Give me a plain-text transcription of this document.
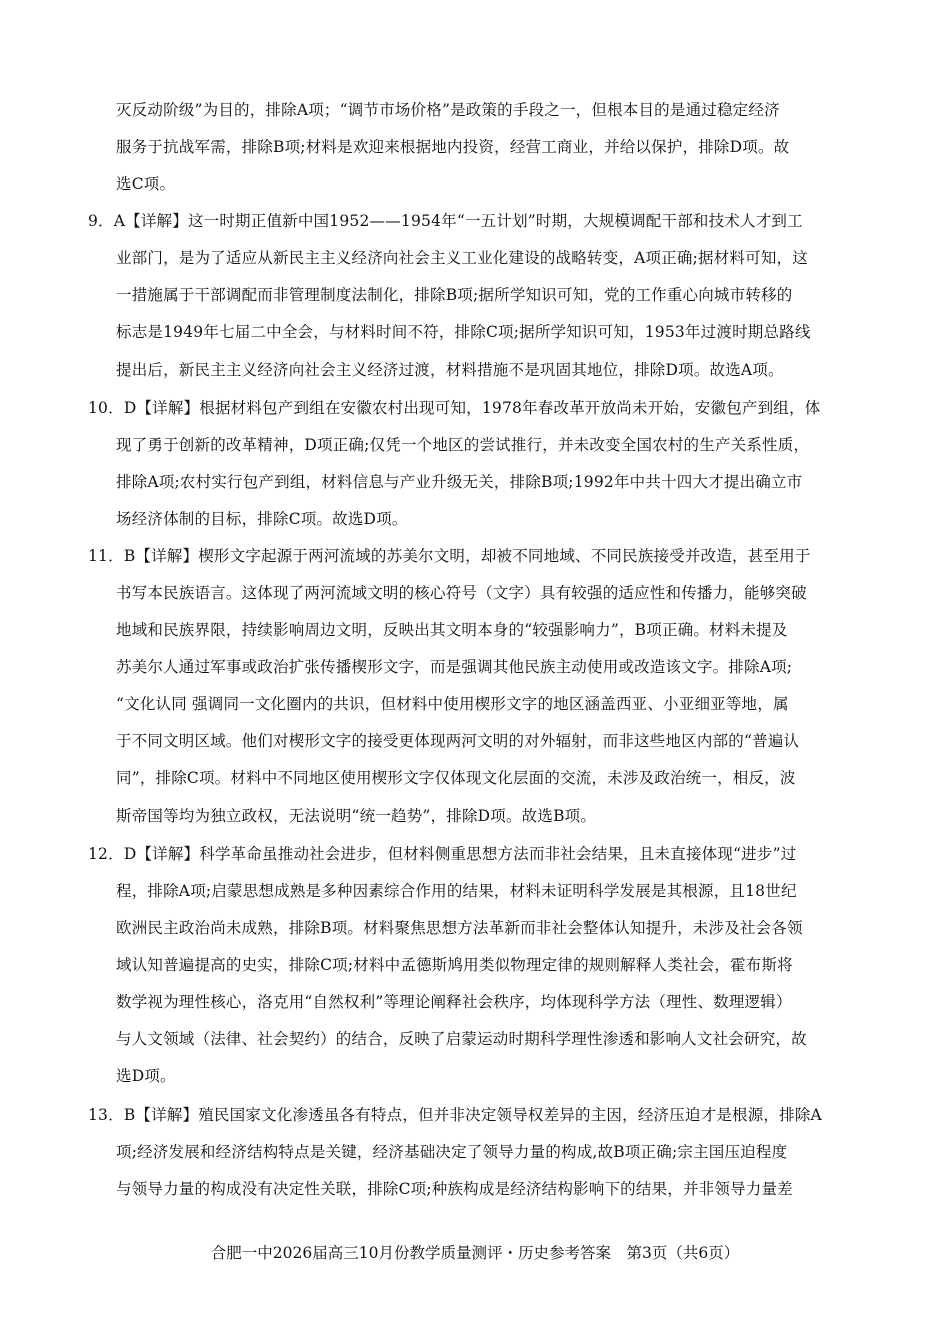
灭反动阶级”为目的，排除A项；“调节市场价格”是政策的手段之一，但根本目的是通过稳定经济
服务于抗战军需，排除B项;材料是欢迎来根据地内投资，经营工商业，并给以保护，排除D项。故
选C项。
9．A【详解】这一时期正值新中国1952——1954年“一五计划”时期，大规模调配干部和技术人才到工
业部门，是为了适应从新民主主义经济向社会主义工业化建设的战略转变，A项正确;据材料可知，这
一措施属于干部调配而非管理制度法制化，排除B项;据所学知识可知，党的工作重心向城市转移的
标志是1949年七届二中全会，与材料时间不符，排除C项;据所学知识可知，1953年过渡时期总路线
提出后，新民主主义经济向社会主义经济过渡，材料措施不是巩固其地位，排除D项。故选A项。
10．D【详解】根据材料包产到组在安徽农村出现可知，1978年春改革开放尚未开始，安徽包产到组，体
现了勇于创新的改革精神，D项正确;仅凭一个地区的尝试推行，并未改变全国农村的生产关系性质，
排除A项;农村实行包产到组，材料信息与产业升级无关，排除B项;1992年中共十四大才提出确立市
场经济体制的目标，排除C项。故选D项。
11．B【详解】楔形文字起源于两河流域的苏美尔文明，却被不同地域、不同民族接受并改造，甚至用于
书写本民族语言。这体现了两河流域文明的核心符号（文字）具有较强的适应性和传播力，能够突破
地域和民族界限，持续影响周边文明，反映出其文明本身的“较强影响力”，B项正确。材料未提及
苏美尔人通过军事或政治扩张传播楔形文字，而是强调其他民族主动使用或改造该文字。排除A项;
“文化认同 强调同一文化圈内的共识，但材料中使用楔形文字的地区涵盖西亚、小亚细亚等地，属
于不同文明区域。他们对楔形文字的接受更体现两河文明的对外辐射，而非这些地区内部的“普遍认
同”，排除C项。材料中不同地区使用楔形文字仅体现文化层面的交流，未涉及政治统一，相反，波
斯帝国等均为独立政权，无法说明“统一趋势”，排除D项。故选B项。
12．D【详解】科学革命虽推动社会进步，但材料侧重思想方法而非社会结果，且未直接体现“进步”过
程，排除A项;启蒙思想成熟是多种因素综合作用的结果，材料未证明科学发展是其根源，且18世纪
欧洲民主政治尚未成熟，排除B项。材料聚焦思想方法革新而非社会整体认知提升，未涉及社会各领
域认知普遍提高的史实，排除C项;材料中孟德斯鸠用类似物理定律的规则解释人类社会，霍布斯将
数学视为理性核心，洛克用“自然权利”等理论阐释社会秩序，均体现科学方法（理性、数理逻辑）
与人文领域（法律、社会契约）的结合，反映了启蒙运动时期科学理性渗透和影响人文社会研究，故
选D项。
13．B【详解】殖民国家文化渗透虽各有特点，但并非决定领导权差异的主因，经济压迫才是根源，排除A
项;经济发展和经济结构特点是关键，经济基础决定了领导力量的构成,故B项正确;宗主国压迫程度
与领导力量的构成没有决定性关联，排除C项;种族构成是经济结构影响下的结果，并非领导力量差
合肥一中2026届高三10月份教学质量测评・历史参考答案　第3页（共6页）
